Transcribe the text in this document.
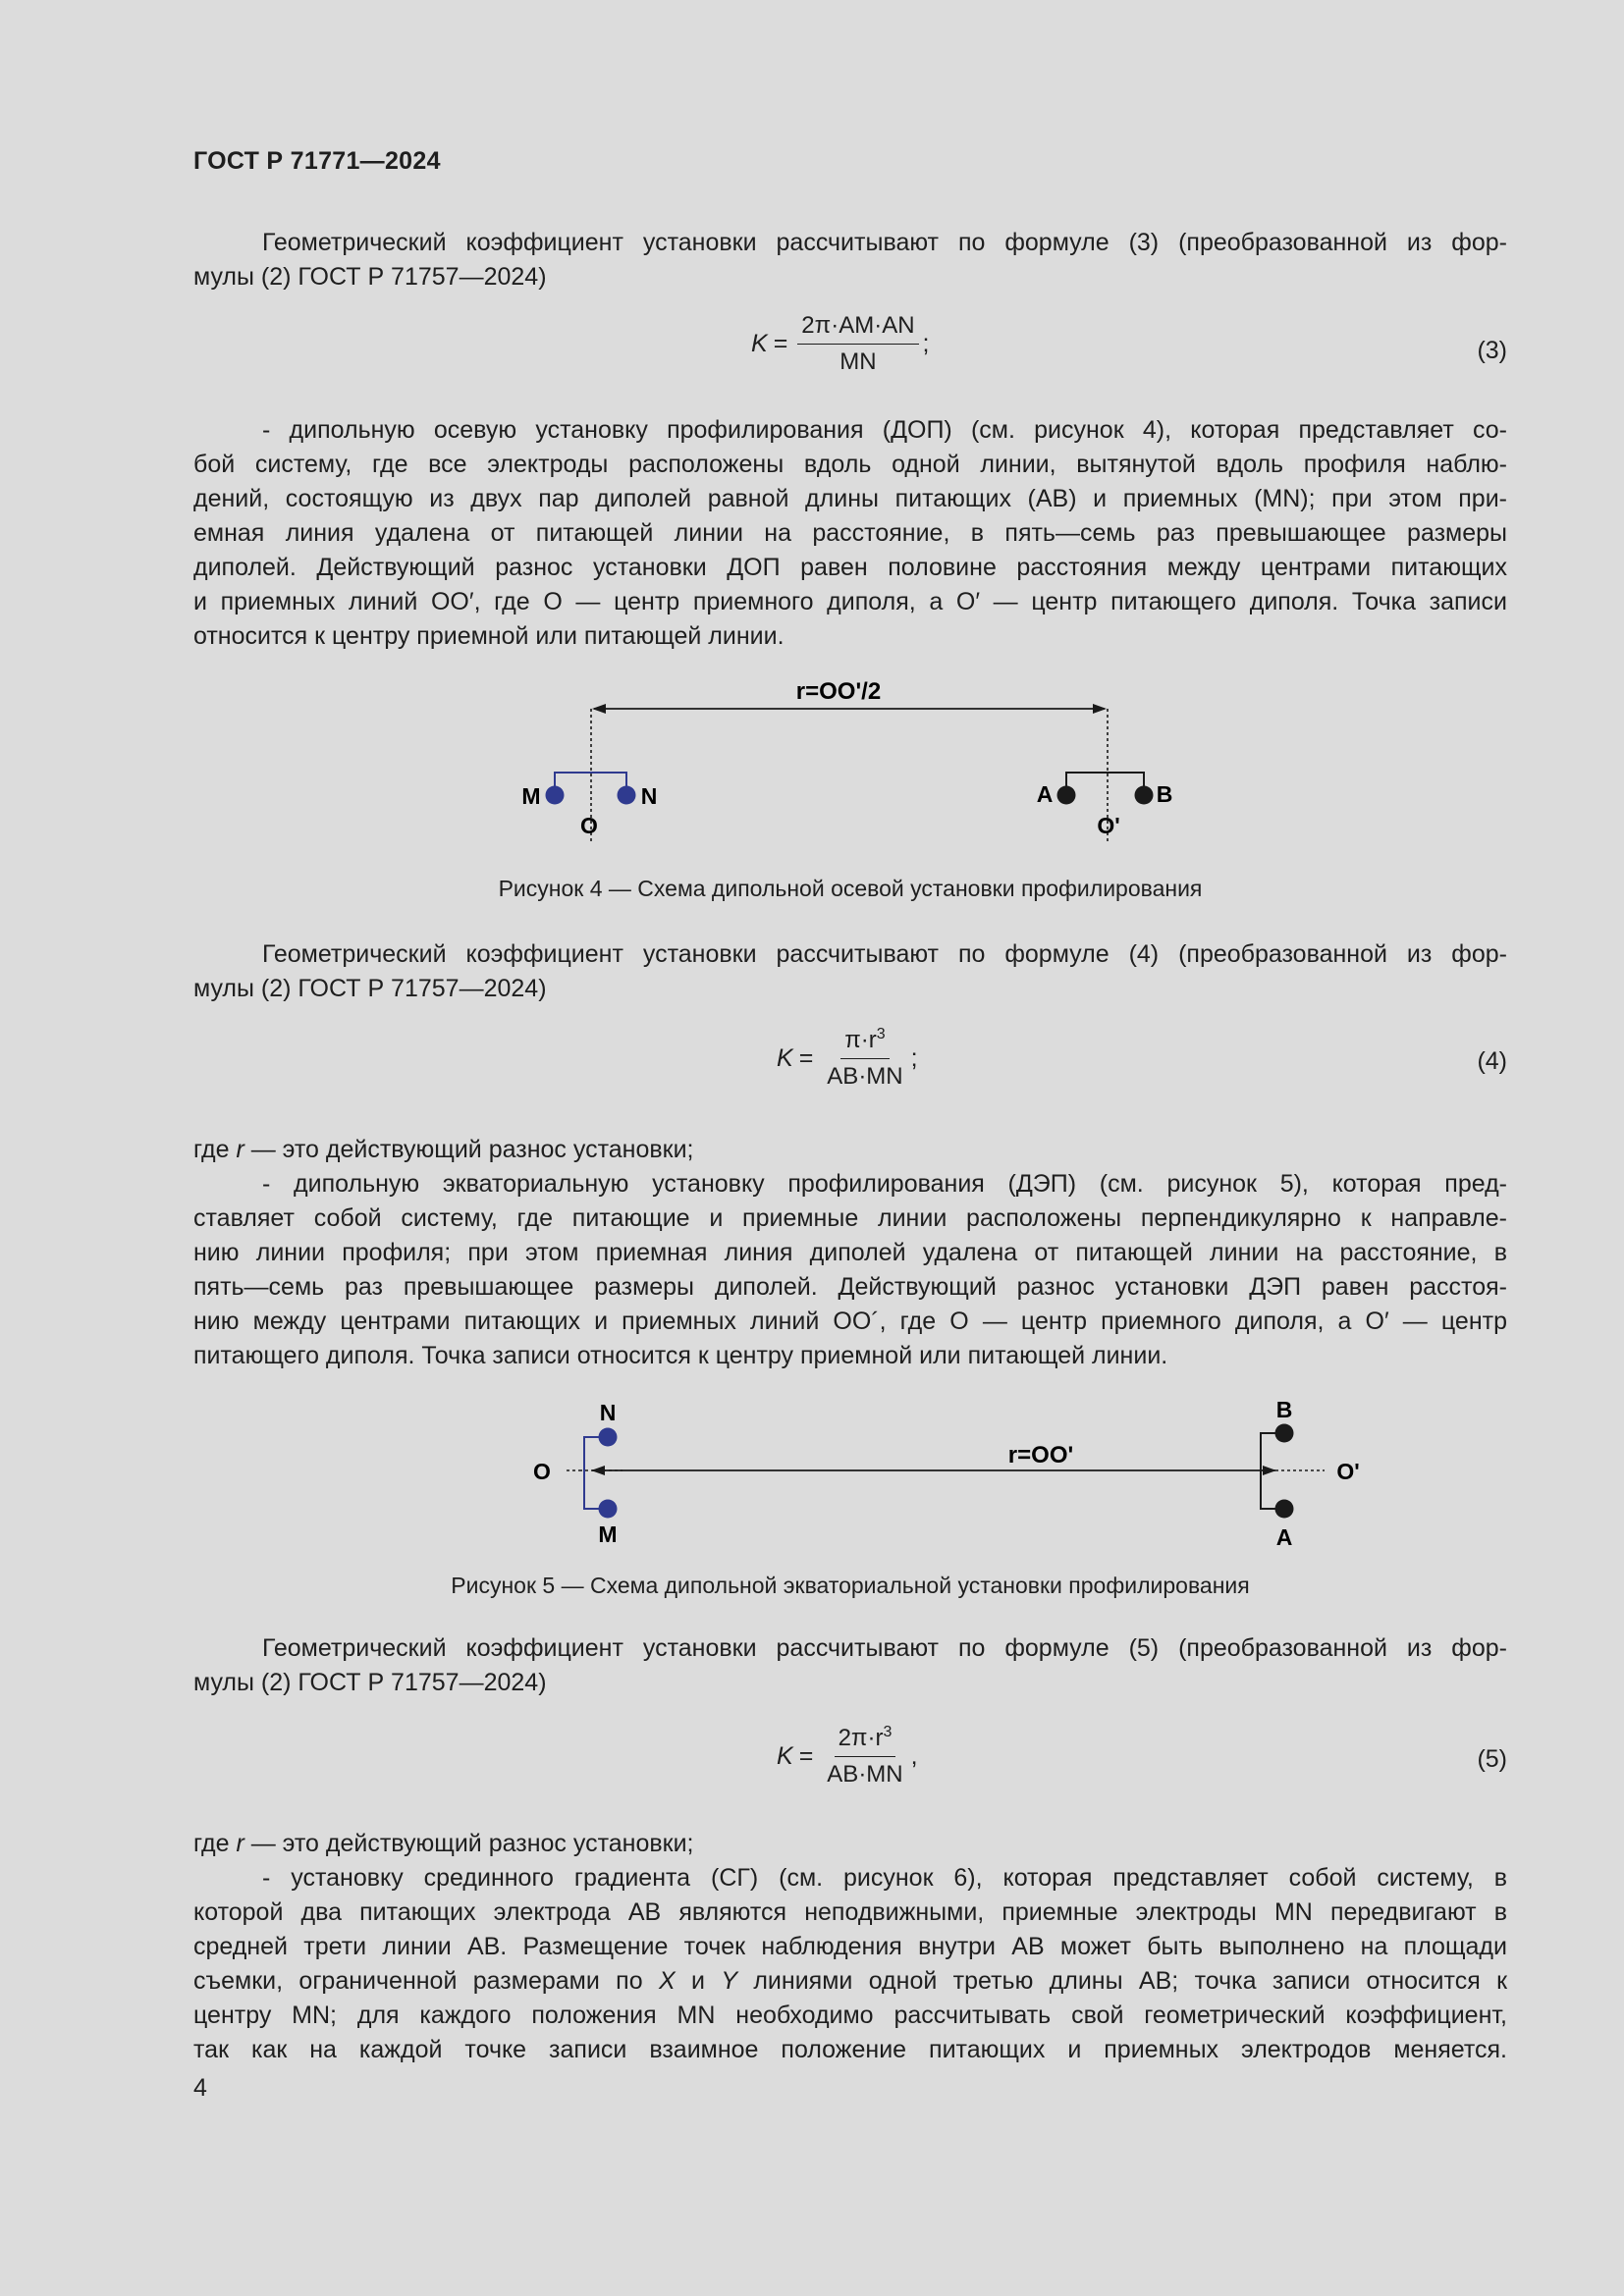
ГОСТ Р 71771—2024
Геометрический коэффициент установки рассчитывают по формуле (3) (преобразованной из фор-
мулы (2) ГОСТ Р 71757—2024)
$K = \frac{2\pi\cdot AM\cdot AN}{MN}$ ;	(3)
- дипольную осевую установку профилирования (ДОП) (см. рисунок 4), которая представляет со-
бой систему, где все электроды расположены вдоль одной линии, вытянутой вдоль профиля наблю-
дений, состоящую из двух пар диполей равной длины питающих (АВ) и приемных (MN); при этом при-
емная линия удалена от питающей линии на расстояние, в пять—семь раз превышающее размеры
диполей. Действующий разнос установки ДОП равен половине расстояния между центрами питающих
и приемных линий OO′, где O — центр приемного диполя, а O′ — центр питающего диполя. Точка записи
относится к центру приемной или питающей линии.
r=OO'/2
M	N
O
A	B
O'
Рисунок 4 — Схема дипольной осевой установки профилирования
Геометрический коэффициент установки рассчитывают по формуле (4) (преобразованной из фор-
мулы (2) ГОСТ Р 71757—2024)
$K = \frac{\pi\cdot r^3}{AB\cdot MN}$ ;	(4)
где r — это действующий разнос установки;
- дипольную экваториальную установку профилирования (ДЭП) (см. рисунок 5), которая пред-
ставляет собой систему, где питающие и приемные линии расположены перпендикулярно к направле-
нию линии профиля; при этом приемная линия диполей удалена от питающей линии на расстояние, в
пять—семь раз превышающее размеры диполей. Действующий разнос установки ДЭП равен расстоя-
нию между центрами питающих и приемных линий OO´, где O — центр приемного диполя, а O′ — центр
питающего диполя. Точка записи относится к центру приемной или питающей линии.
r=OO'
N
M
O
B
A
O'
Рисунок 5 — Схема дипольной экваториальной установки профилирования
Геометрический коэффициент установки рассчитывают по формуле (5) (преобразованной из фор-
мулы (2) ГОСТ Р 71757—2024)
$K = \frac{2\pi\cdot r^3}{AB\cdot MN}$ ,	(5)
где r — это действующий разнос установки;
- установку срединного градиента (СГ) (см. рисунок 6), которая представляет собой систему, в
которой два питающих электрода АВ являются неподвижными, приемные электроды MN передвигают в
средней трети линии АВ. Размещение точек наблюдения внутри АВ может быть выполнено на площади
съемки, ограниченной размерами по X и Y линиями одной третью длины АВ; точка записи относится к
центру MN; для каждого положения MN необходимо рассчитывать свой геометрический коэффициент,
так как на каждой точке записи взаимное положение питающих и приемных электродов меняется.
4
